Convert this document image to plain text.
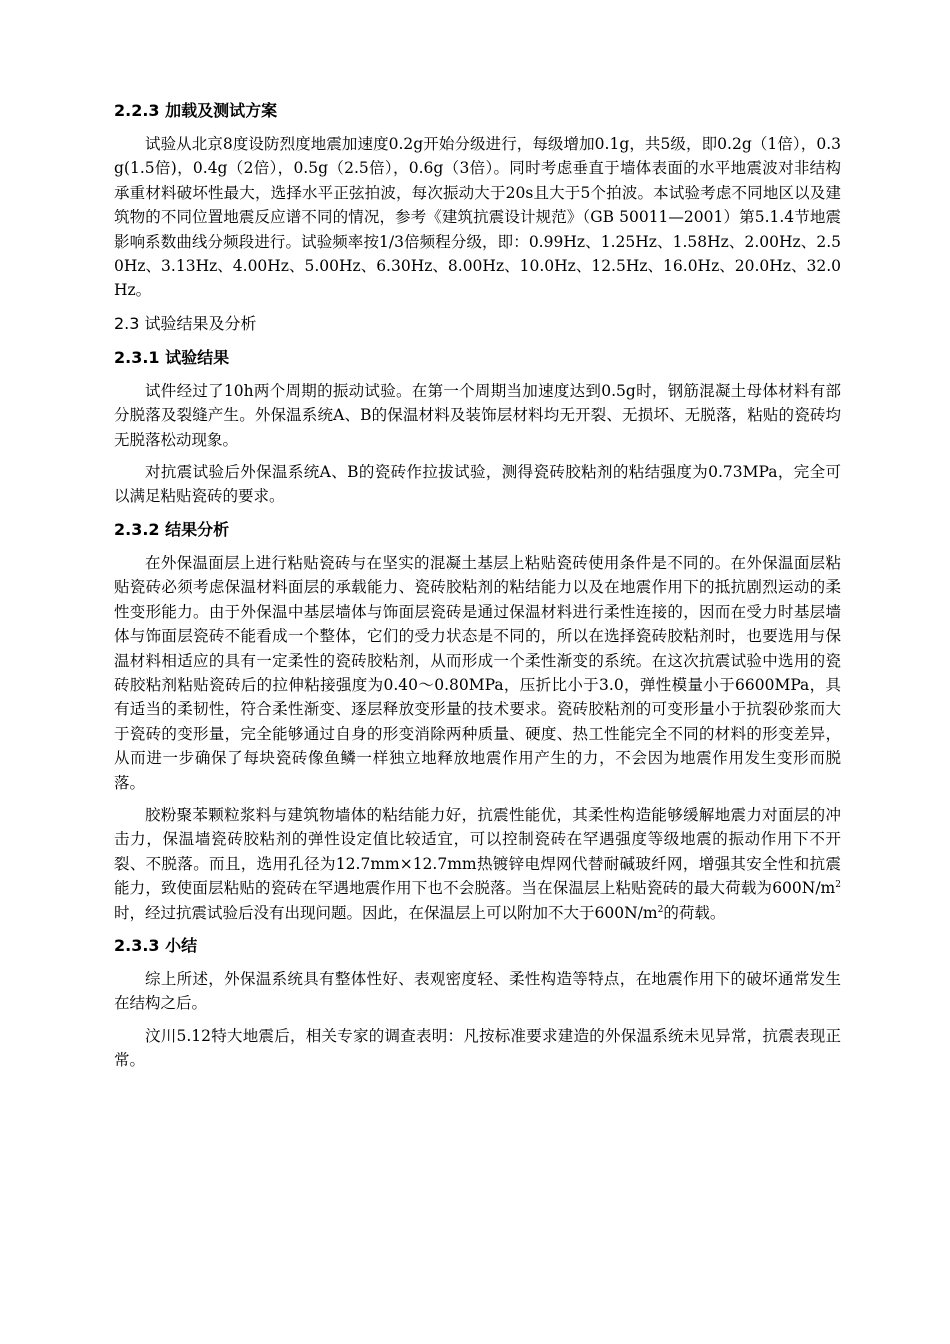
2.2.3 加载及测试方案

试验从北京8度设防烈度地震加速度0.2g开始分级进行，每级增加0.1g，共5级，即0.2g（1倍），0.3g(1.5倍)，0.4g（2倍），0.5g（2.5倍），0.6g（3倍）。同时考虑垂直于墙体表面的水平地震波对非结构承重材料破坏性最大，选择水平正弦拍波，每次振动大于20s且大于5个拍波。本试验考虑不同地区以及建筑物的不同位置地震反应谱不同的情况，参考《建筑抗震设计规范》（GB 50011—2001）第5.1.4节地震影响系数曲线分频段进行。试验频率按1/3倍频程分级，即：0.99Hz、1.25Hz、1.58Hz、2.00Hz、2.50Hz、3.13Hz、4.00Hz、5.00Hz、6.30Hz、8.00Hz、10.0Hz、12.5Hz、16.0Hz、20.0Hz、32.0Hz。

2.3 试验结果及分析
2.3.1 试验结果

试件经过了10h两个周期的振动试验。在第一个周期当加速度达到0.5g时，钢筋混凝土母体材料有部分脱落及裂缝产生。外保温系统A、B的保温材料及装饰层材料均无开裂、无损坏、无脱落，粘贴的瓷砖均无脱落松动现象。

对抗震试验后外保温系统A、B的瓷砖作拉拔试验，测得瓷砖胶粘剂的粘结强度为0.73MPa，完全可以满足粘贴瓷砖的要求。

2.3.2 结果分析

在外保温面层上进行粘贴瓷砖与在坚实的混凝土基层上粘贴瓷砖使用条件是不同的。在外保温面层粘贴瓷砖必须考虑保温材料面层的承载能力、瓷砖胶粘剂的粘结能力以及在地震作用下的抵抗剧烈运动的柔性变形能力。由于外保温中基层墙体与饰面层瓷砖是通过保温材料进行柔性连接的，因而在受力时基层墙体与饰面层瓷砖不能看成一个整体，它们的受力状态是不同的，所以在选择瓷砖胶粘剂时，也要选用与保温材料相适应的具有一定柔性的瓷砖胶粘剂，从而形成一个柔性渐变的系统。在这次抗震试验中选用的瓷砖胶粘剂粘贴瓷砖后的拉伸粘接强度为0.40～0.80MPa，压折比小于3.0，弹性模量小于6600MPa，具有适当的柔韧性，符合柔性渐变、逐层释放变形量的技术要求。瓷砖胶粘剂的可变形量小于抗裂砂浆而大于瓷砖的变形量，完全能够通过自身的形变消除两种质量、硬度、热工性能完全不同的材料的形变差异，从而进一步确保了每块瓷砖像鱼鳞一样独立地释放地震作用产生的力，不会因为地震作用发生变形而脱落。

胶粉聚苯颗粒浆料与建筑物墙体的粘结能力好，抗震性能优，其柔性构造能够缓解地震力对面层的冲击力，保温墙瓷砖胶粘剂的弹性设定值比较适宜，可以控制瓷砖在罕遇强度等级地震的振动作用下不开裂、不脱落。而且，选用孔径为12.7mm×12.7mm热镀锌电焊网代替耐碱玻纤网，增强其安全性和抗震能力，致使面层粘贴的瓷砖在罕遇地震作用下也不会脱落。当在保温层上粘贴瓷砖的最大荷载为$600N/m^2$时，经过抗震试验后没有出现问题。因此，在保温层上可以附加不大于$600N/m^2$的荷载。

2.3.3 小结

综上所述，外保温系统具有整体性好、表观密度轻、柔性构造等特点，在地震作用下的破坏通常发生在结构之后。

汶川5.12特大地震后，相关专家的调查表明：凡按标准要求建造的外保温系统未见异常，抗震表现正常。
